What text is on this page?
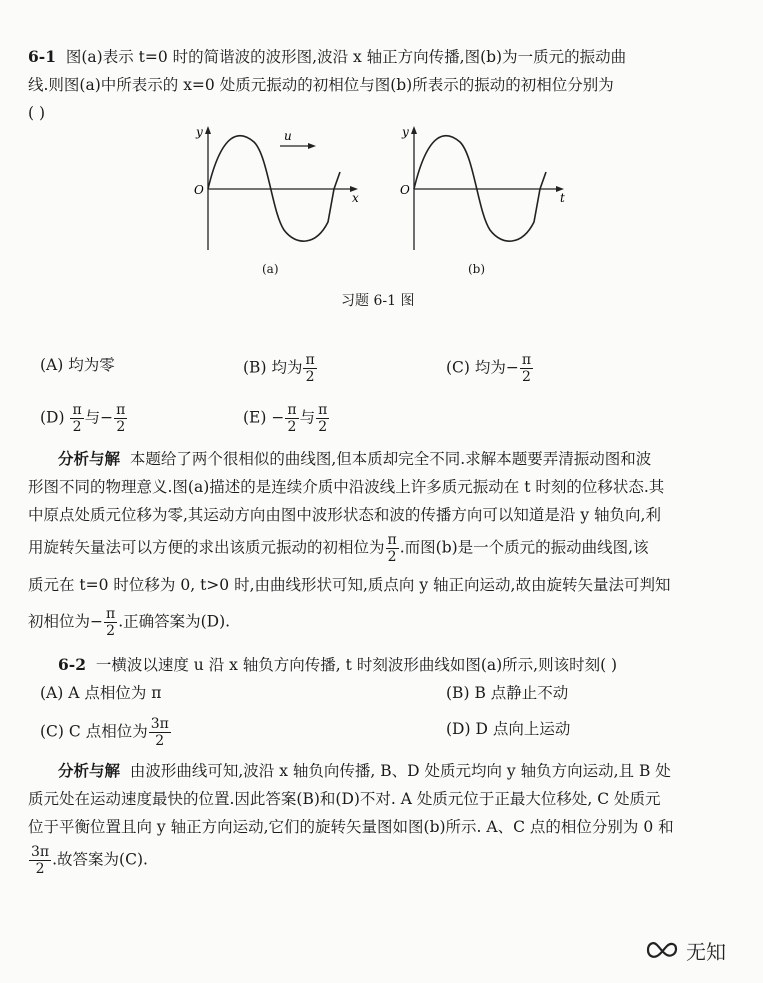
6-1 图(a)表示 t=0 时的简谐波的波形图,波沿 x 轴正方向传播,图(b)为一质元的振动曲

线.则图(a)中所表示的 x=0 处质元振动的初相位与图(b)所表示的振动的初相位分别为

( )

u
y
x
O
(a)
y
t
O
(b)
习题 6-1 图
(A) 均为零	(B) 均为 $\frac{\pi}{2}$	(C) 均为− $\frac{\pi}{2}$
$(D) \frac{\pi}{2}$ 与− $\frac{\pi}{2}$	$(E) - \frac{\pi}{2}$ 与 $\frac{\pi}{2}$

分析与解 本题给了两个很相似的曲线图,但本质却完全不同.求解本题要弄清振动图和波

形图不同的物理意义.图(a)描述的是连续介质中沿波线上许多质元振动在 t 时刻的位移状态.其

中原点处质元位移为零,其运动方向由图中波形状态和波的传播方向可以知道是沿 y 轴负向,利

用旋转矢量法可以方便的求出该质元振动的初相位为 $\frac{\pi}{2}$ .而图(b)是一个质元的振动曲线图,该

质元在 t=0 时位移为 0, t>0 时,由曲线形状可知,质点向 y 轴正向运动,故由旋转矢量法可判知

初相位为− $\frac{\pi}{2}$ .正确答案为(D).

6-2 一横波以速度 u 沿 x 轴负方向传播, t 时刻波形曲线如图(a)所示,则该时刻( )

(A) A 点相位为 π	(B) B 点静止不动
(C) C 点相位为 $\frac{3\pi}{2}$	(D) D 点向上运动

分析与解 由波形曲线可知,波沿 x 轴负向传播, B、D 处质元均向 y 轴负方向运动,且 B 处

质元处在运动速度最快的位置.因此答案(B)和(D)不对. A 处质元位于正最大位移处, C 处质元

位于平衡位置且向 y 轴正方向运动,它们的旋转矢量图如图(b)所示. A、C 点的相位分别为 0 和

$\frac{3\pi}{2}$ .故答案为(C).

无知
